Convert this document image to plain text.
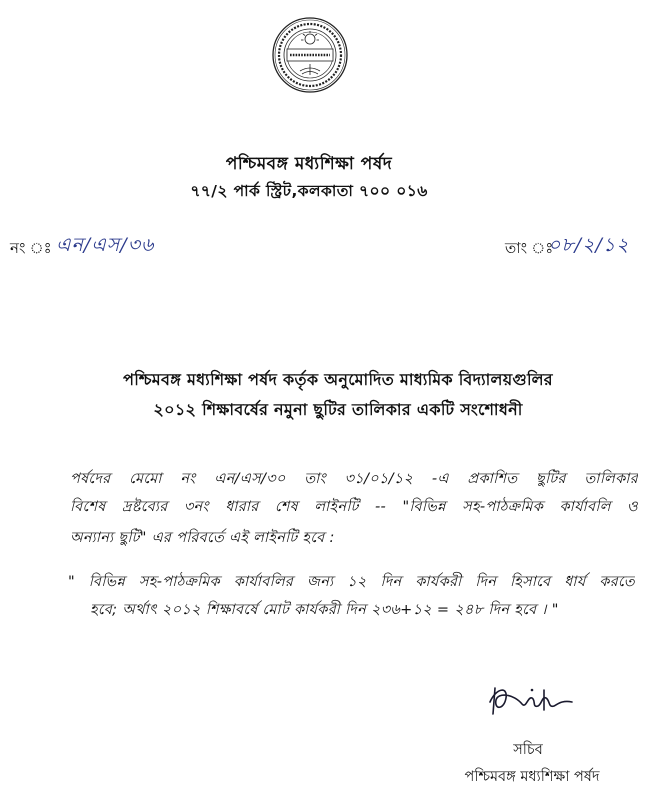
পশ্চিমবঙ্গ মধ্যশিক্ষা পর্ষদ
৭৭/২ পার্ক স্ট্রিট,কলকাতা ৭০০ ০১৬
নং ঃ এন/এস/৩৬	তাং ঃ
০৮/২/১২
পশ্চিমবঙ্গ মধ্যশিক্ষা পর্ষদ কর্তৃক অনুমোদিত মাধ্যমিক বিদ্যালয়গুলির
২০১২ শিক্ষাবর্ষের নমুনা ছুটির তালিকার একটি সংশোধনী
পর্ষদের মেমো নং এন/এস/৩০ তাং ৩১/০১/১২ -এ প্রকাশিত ছুটির তালিকার
বিশেষ দ্রষ্টব্যের ৩নং ধারার শেষ লাইনটি -- "বিভিন্ন সহ-পাঠক্রমিক কার্যাবলি ও
অন্যান্য ছুটি" এর পরিবর্তে এই লাইনটি হবে :
" বিভিন্ন সহ-পাঠক্রমিক কার্যাবলির জন্য ১২ দিন কার্যকরী দিন হিসাবে ধার্য করতে
হবে; অর্থাৎ ২০১২ শিক্ষাবর্ষে মোট কার্যকরী দিন ২৩৬+১২ = ২৪৮ দিন হবে । "
সচিব
পশ্চিমবঙ্গ মধ্যশিক্ষা পর্ষদ
